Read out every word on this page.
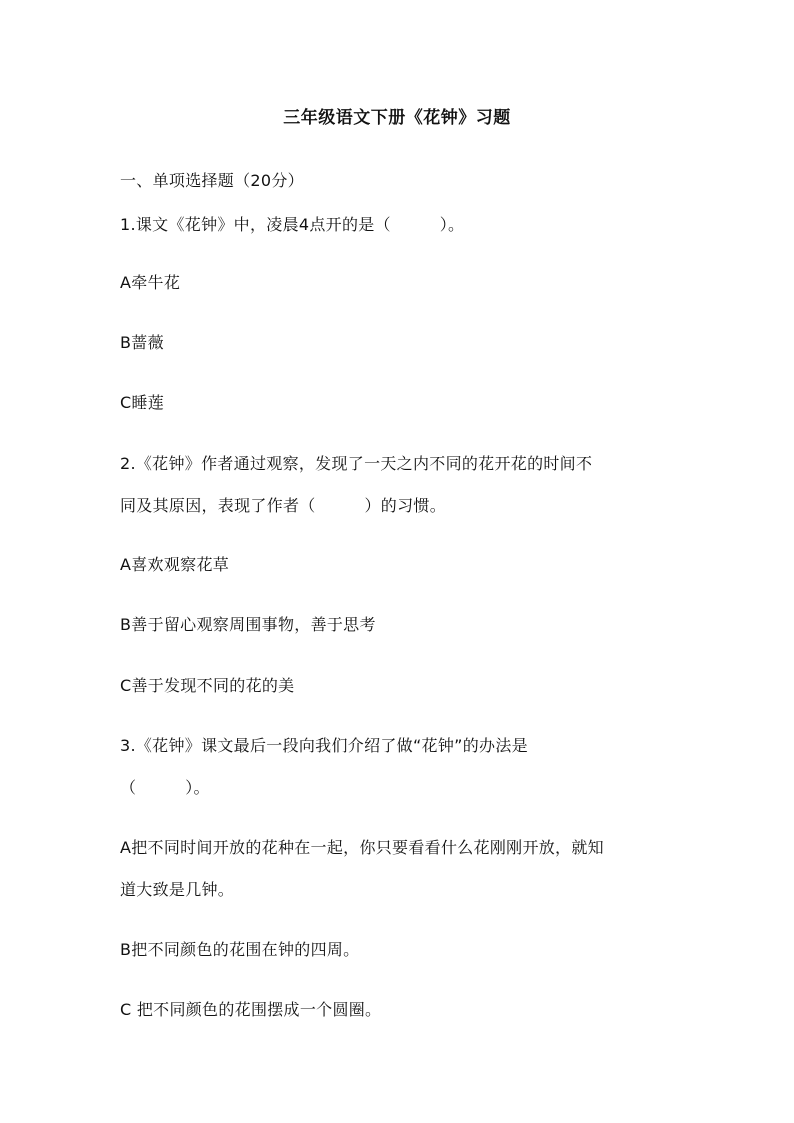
三年级语文下册《花钟》习题
一、单项选择题（20分）
1.课文《花钟》中，凌晨4点开的是（　　　）。
A牵牛花
B蔷薇
C睡莲
2.《花钟》作者通过观察，发现了一天之内不同的花开花的时间不
同及其原因，表现了作者（　　　）的习惯。
A喜欢观察花草
B善于留心观察周围事物，善于思考
C善于发现不同的花的美
3.《花钟》课文最后一段向我们介绍了做“花钟”的办法是
（　　　）。
A把不同时间开放的花种在一起，你只要看看什么花刚刚开放，就知
道大致是几钟。
B把不同颜色的花围在钟的四周。
C 把不同颜色的花围摆成一个圆圈。
